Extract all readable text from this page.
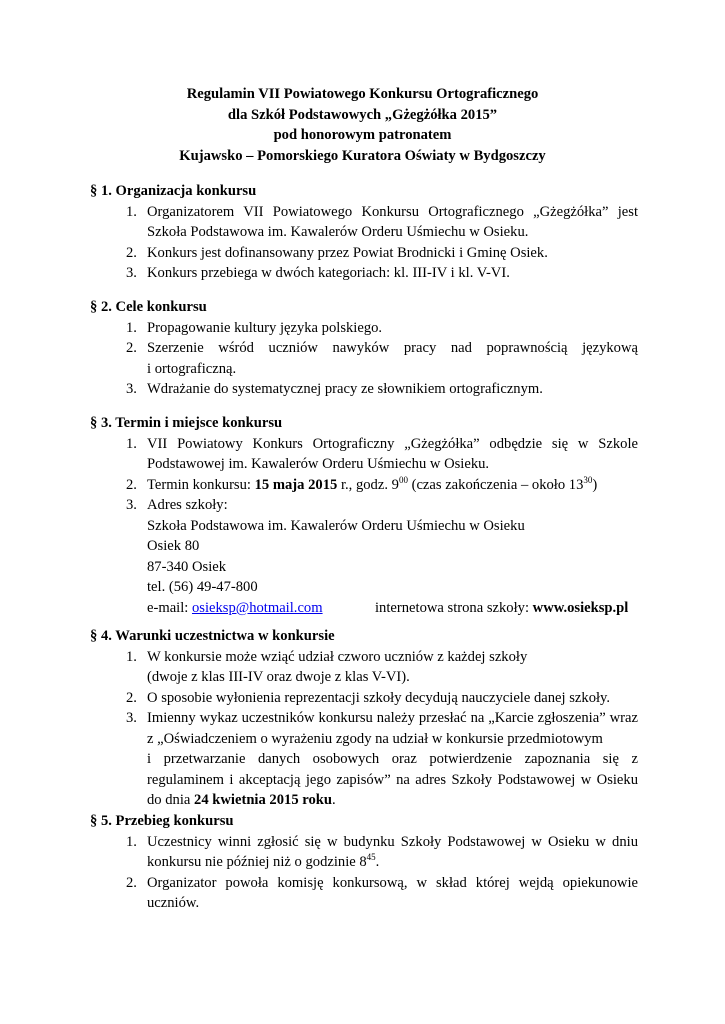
Regulamin VII Powiatowego Konkursu Ortograficznego
dla Szkół Podstawowych „Gżegżółka 2015”
pod honorowym patronatem
Kujawsko – Pomorskiego Kuratora Oświaty w Bydgoszczy
§ 1. Organizacja konkursu
1. Organizatorem VII Powiatowego Konkursu Ortograficznego „Gżegżółka” jest
Szkoła Podstawowa im. Kawalerów Orderu Uśmiechu w Osieku.
2. Konkurs jest dofinansowany przez Powiat Brodnicki i Gminę Osiek.
3. Konkurs przebiega w dwóch kategoriach: kl. III-IV i kl. V-VI.
§ 2. Cele konkursu
1. Propagowanie kultury języka polskiego.
2. Szerzenie wśród uczniów nawyków pracy nad poprawnością językową
i ortograficzną.
3. Wdrażanie do systematycznej pracy ze słownikiem ortograficznym.
§ 3. Termin i miejsce konkursu
1. VII Powiatowy Konkurs Ortograficzny „Gżegżółka” odbędzie się w Szkole
Podstawowej im. Kawalerów Orderu Uśmiechu w Osieku.
2. Termin konkursu: 15 maja 2015 r., godz. $9^{00}$ (czas zakończenia – około $13^{30}$)
3. Adres szkoły:
Szkoła Podstawowa im. Kawalerów Orderu Uśmiechu w Osieku
Osiek 80
87-340 Osiek
tel. (56) 49-47-800
e-mail: osieksp@hotmail.com	internetowa strona szkoły: www.osieksp.pl
§ 4. Warunki uczestnictwa w konkursie
1. W konkursie może wziąć udział czworo uczniów z każdej szkoły
(dwoje z klas III-IV oraz dwoje z klas V-VI).
2. O sposobie wyłonienia reprezentacji szkoły decydują nauczyciele danej szkoły.
3. Imienny wykaz uczestników konkursu należy przesłać na „Karcie zgłoszenia” wraz
z „Oświadczeniem o wyrażeniu zgody na udział w konkursie przedmiotowym
i przetwarzanie danych osobowych oraz potwierdzenie zapoznania się z
regulaminem i akceptacją jego zapisów” na adres Szkoły Podstawowej w Osieku
do dnia 24 kwietnia 2015 roku.
§ 5. Przebieg konkursu
1. Uczestnicy winni zgłosić się w budynku Szkoły Podstawowej w Osieku w dniu
konkursu nie później niż o godzinie $8^{45}$.
2. Organizator powoła komisję konkursową, w skład której wejdą opiekunowie
uczniów.
